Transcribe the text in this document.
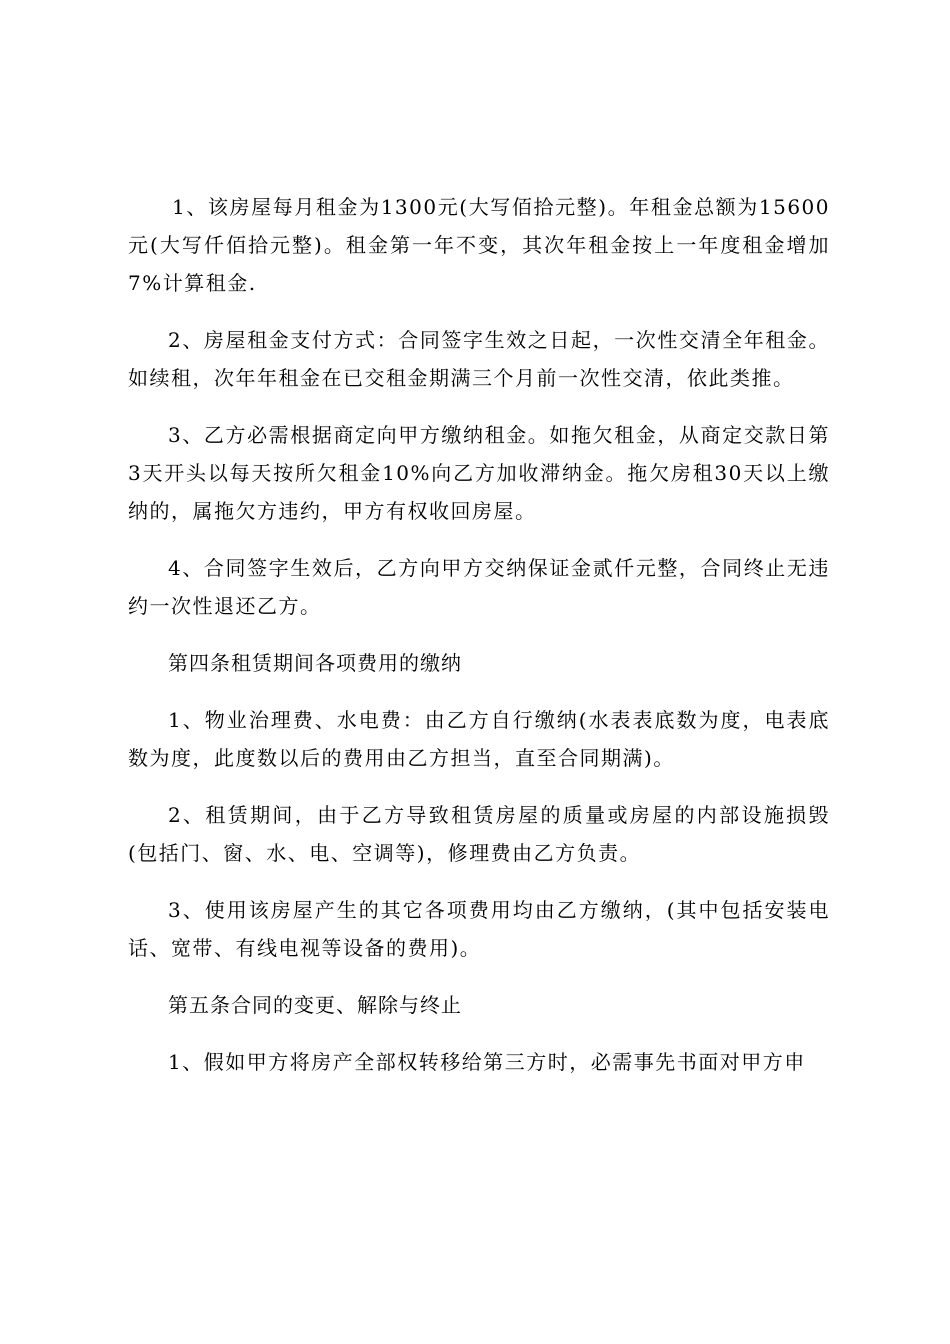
1、该房屋每月租金为1300元(大写佰拾元整)。年租金总额为15600元(大写仟佰拾元整)。租金第一年不变，其次年租金按上一年度租金增加7%计算租金.

2、房屋租金支付方式：合同签字生效之日起，一次性交清全年租金。如续租，次年年租金在已交租金期满三个月前一次性交清，依此类推。

3、乙方必需根据商定向甲方缴纳租金。如拖欠租金，从商定交款日第3天开头以每天按所欠租金10%向乙方加收滞纳金。拖欠房租30天以上缴纳的，属拖欠方违约，甲方有权收回房屋。

4、合同签字生效后，乙方向甲方交纳保证金贰仟元整，合同终止无违约一次性退还乙方。

第四条租赁期间各项费用的缴纳

1、物业治理费、水电费：由乙方自行缴纳(水表表底数为度，电表底数为度，此度数以后的费用由乙方担当，直至合同期满)。

2、租赁期间，由于乙方导致租赁房屋的质量或房屋的内部设施损毁(包括门、窗、水、电、空调等)，修理费由乙方负责。

3、使用该房屋产生的其它各项费用均由乙方缴纳，(其中包括安装电话、宽带、有线电视等设备的费用)。

第五条合同的变更、解除与终止

1、假如甲方将房产全部权转移给第三方时，必需事先书面对甲方申
